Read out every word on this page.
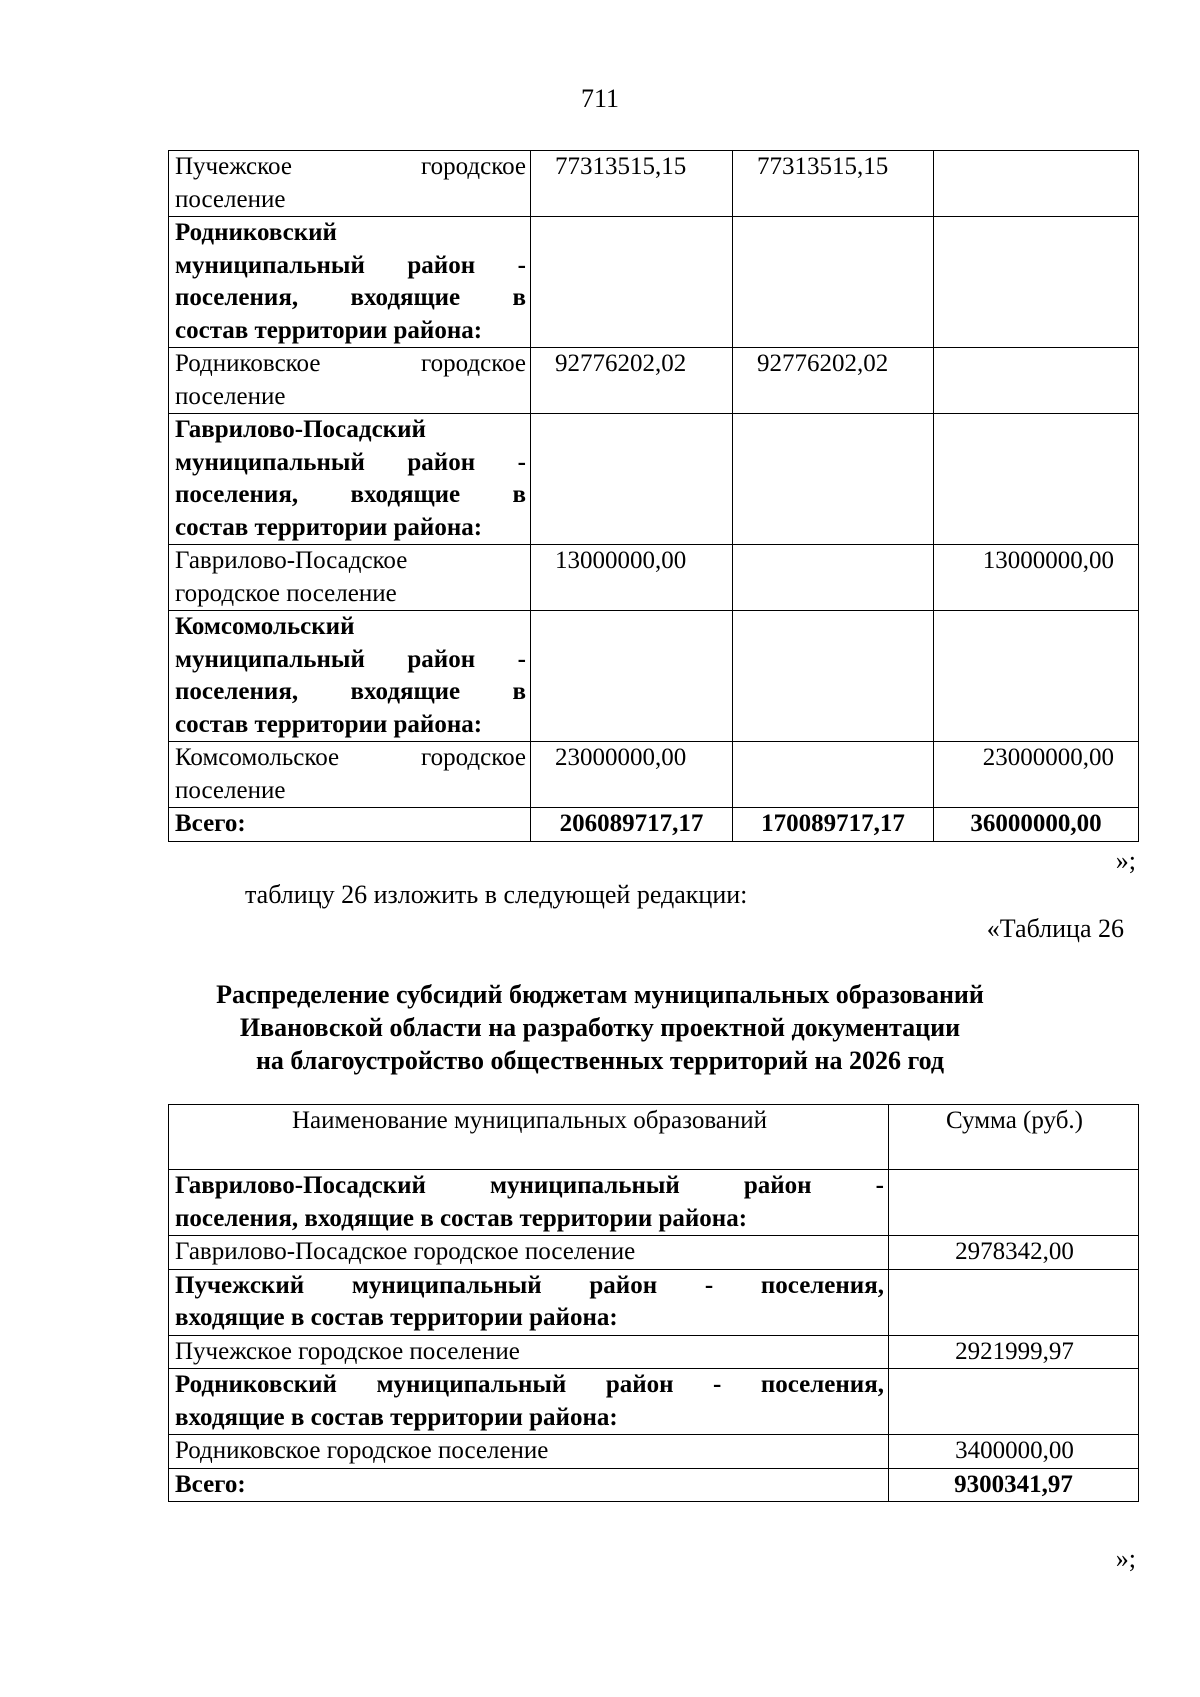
711
Пучежское городское
поселение	77313515,15	77313515,15	

Родниковский
муниципальный район -
поселения, входящие в
состав территории района:			

Родниковское городское
поселение	92776202,02	92776202,02	

Гаврилово-Посадский
муниципальный район -
поселения, входящие в
состав территории района:			

Гаврилово-Посадское
городское поселение	13000000,00		13000000,00

Комсомольский
муниципальный район -
поселения, входящие в
состав территории района:			

Комсомольское городское
поселение	23000000,00		23000000,00
Всего:	206089717,17	170089717,17	36000000,00
»;
таблицу 26 изложить в следующей редакции:
«Таблица 26
Распределение субсидий бюджетам муниципальных образований
Ивановской области на разработку проектной документации
на благоустройство общественных территорий на 2026 год
Наименование муниципальных образований	Сумма (руб.)

Гаврилово-Посадский муниципальный район -
поселения, входящие в состав территории района:	

Гаврилово-Посадское городское поселение	2978342,00

Пучежский муниципальный район - поселения,
входящие в состав территории района:	

Пучежское городское поселение	2921999,97

Родниковский муниципальный район - поселения,
входящие в состав территории района:	

Родниковское городское поселение	3400000,00
Всего:	9300341,97
»;
